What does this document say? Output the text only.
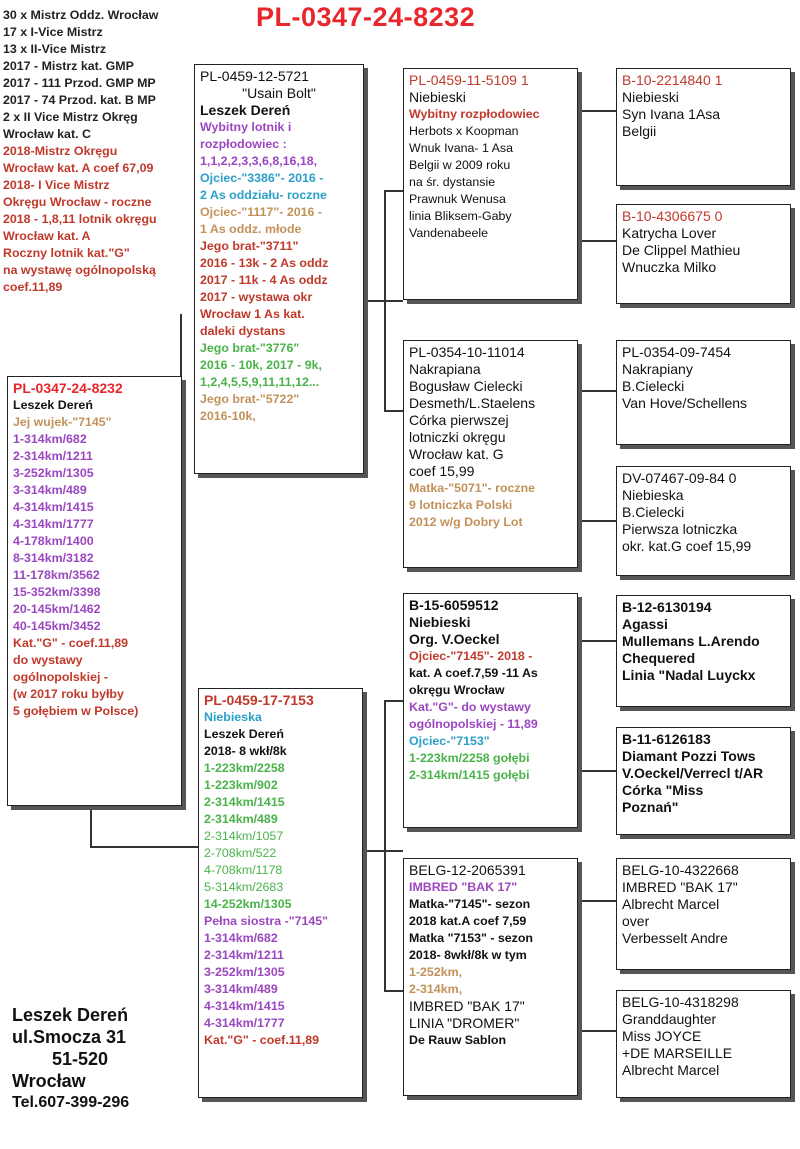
PL-0347-24-8232
30 x Mistrz Oddz. Wrocław
17 x I-Vice Mistrz
13 x II-Vice Mistrz
2017 - Mistrz kat. GMP
2017 - 111 Przod. GMP MP
2017 - 74 Przod. kat. B MP
2 x II Vice Mistrz Okręg
Wrocław kat. C
2018-Mistrz Okręgu
Wrocław kat. A coef 67,09
2018- I Vice Mistrz
Okręgu Wrocław - roczne
2018 - 1,8,11 lotnik okręgu
Wrocław kat. A
Roczny lotnik kat."G"
na wystawę ogólnopolską
coef.11,89
PL-0347-24-8232
Leszek Dereń
Jej wujek-"7145"
1-314km/682
2-314km/1211
3-252km/1305
3-314km/489
4-314km/1415
4-314km/1777
4-178km/1400
8-314km/3182
11-178km/3562
15-352km/3398
20-145km/1462
40-145km/3452
Kat."G" - coef.11,89
do wystawy
ogólnopolskiej -
(w 2017 roku byłby
5 gołębiem w Polsce)
PL-0459-12-5721
"Usain Bolt"
Leszek Dereń
Wybitny lotnik i
rozpłodowiec :
1,1,2,2,3,3,6,8,16,18,
Ojciec-"3386"- 2016 -
2 As oddziału- roczne
Ojciec-"1117"- 2016 -
1 As oddz. młode
Jego brat-"3711"
2016 - 13k - 2 As oddz
2017 - 11k - 4 As oddz
2017 - wystawa okr
Wrocław 1 As kat.
daleki dystans
Jego brat-"3776"
2016 - 10k, 2017 - 9k,
1,2,4,5,5,9,11,11,12...
Jego brat-"5722"
2016-10k,
PL-0459-17-7153
Niebieska
Leszek Dereń
2018- 8 wkł/8k
1-223km/2258
1-223km/902
2-314km/1415
2-314km/489
2-314km/1057
2-708km/522
4-708km/1178
5-314km/2683
14-252km/1305
Pełna siostra -"7145"
1-314km/682
2-314km/1211
3-252km/1305
3-314km/489
4-314km/1415
4-314km/1777
Kat."G" - coef.11,89
PL-0459-11-5109 1
Niebieski
Wybitny rozpłodowiec
Herbots x Koopman
Wnuk Ivana- 1 Asa
Belgii w 2009 roku
na śr. dystansie
Prawnuk Wenusa
linia Bliksem-Gaby
Vandenabeele
PL-0354-10-11014
Nakrapiana
Bogusław Cielecki
Desmeth/L.Staelens
Córka pierwszej
lotniczki okręgu
Wrocław kat. G
coef 15,99
Matka-"5071"- roczne
9 lotniczka Polski
2012 w/g Dobry Lot
B-15-6059512
Niebieski
Org. V.Oeckel
Ojciec-"7145"- 2018 -
kat. A coef.7,59 -11 As
okręgu Wrocław
Kat."G"- do wystawy
ogólnopolskiej - 11,89
Ojciec-"7153"
1-223km/2258 gołębi
2-314km/1415 gołębi
BELG-12-2065391
IMBRED "BAK 17"
Matka-"7145"- sezon
2018 kat.A coef 7,59
Matka "7153" - sezon
2018- 8wkł/8k w tym
1-252km,
2-314km,
IMBRED "BAK 17"
LINIA "DROMER"
De Rauw Sablon
B-10-2214840 1
Niebieski
Syn Ivana 1Asa
Belgii
B-10-4306675 0
Katrycha Lover
De Clippel Mathieu
Wnuczka Milko
PL-0354-09-7454
Nakrapiany
B.Cielecki
Van Hove/Schellens
DV-07467-09-84 0
Niebieska
B.Cielecki
Pierwsza lotniczka
okr. kat.G coef 15,99
B-12-6130194
Agassi
Mullemans L.Arendo
Chequered
Linia "Nadal Luyckx
B-11-6126183
Diamant Pozzi Tows
V.Oeckel/Verrecl t/AR
Córka "Miss
Poznań"
BELG-10-4322668
IMBRED "BAK 17"
Albrecht Marcel
over
Verbesselt Andre
BELG-10-4318298
Granddaughter
Miss JOYCE
+DE MARSEILLE
Albrecht Marcel
Leszek Dereń
ul.Smocza 31
51-520
Wrocław
Tel.607-399-296
